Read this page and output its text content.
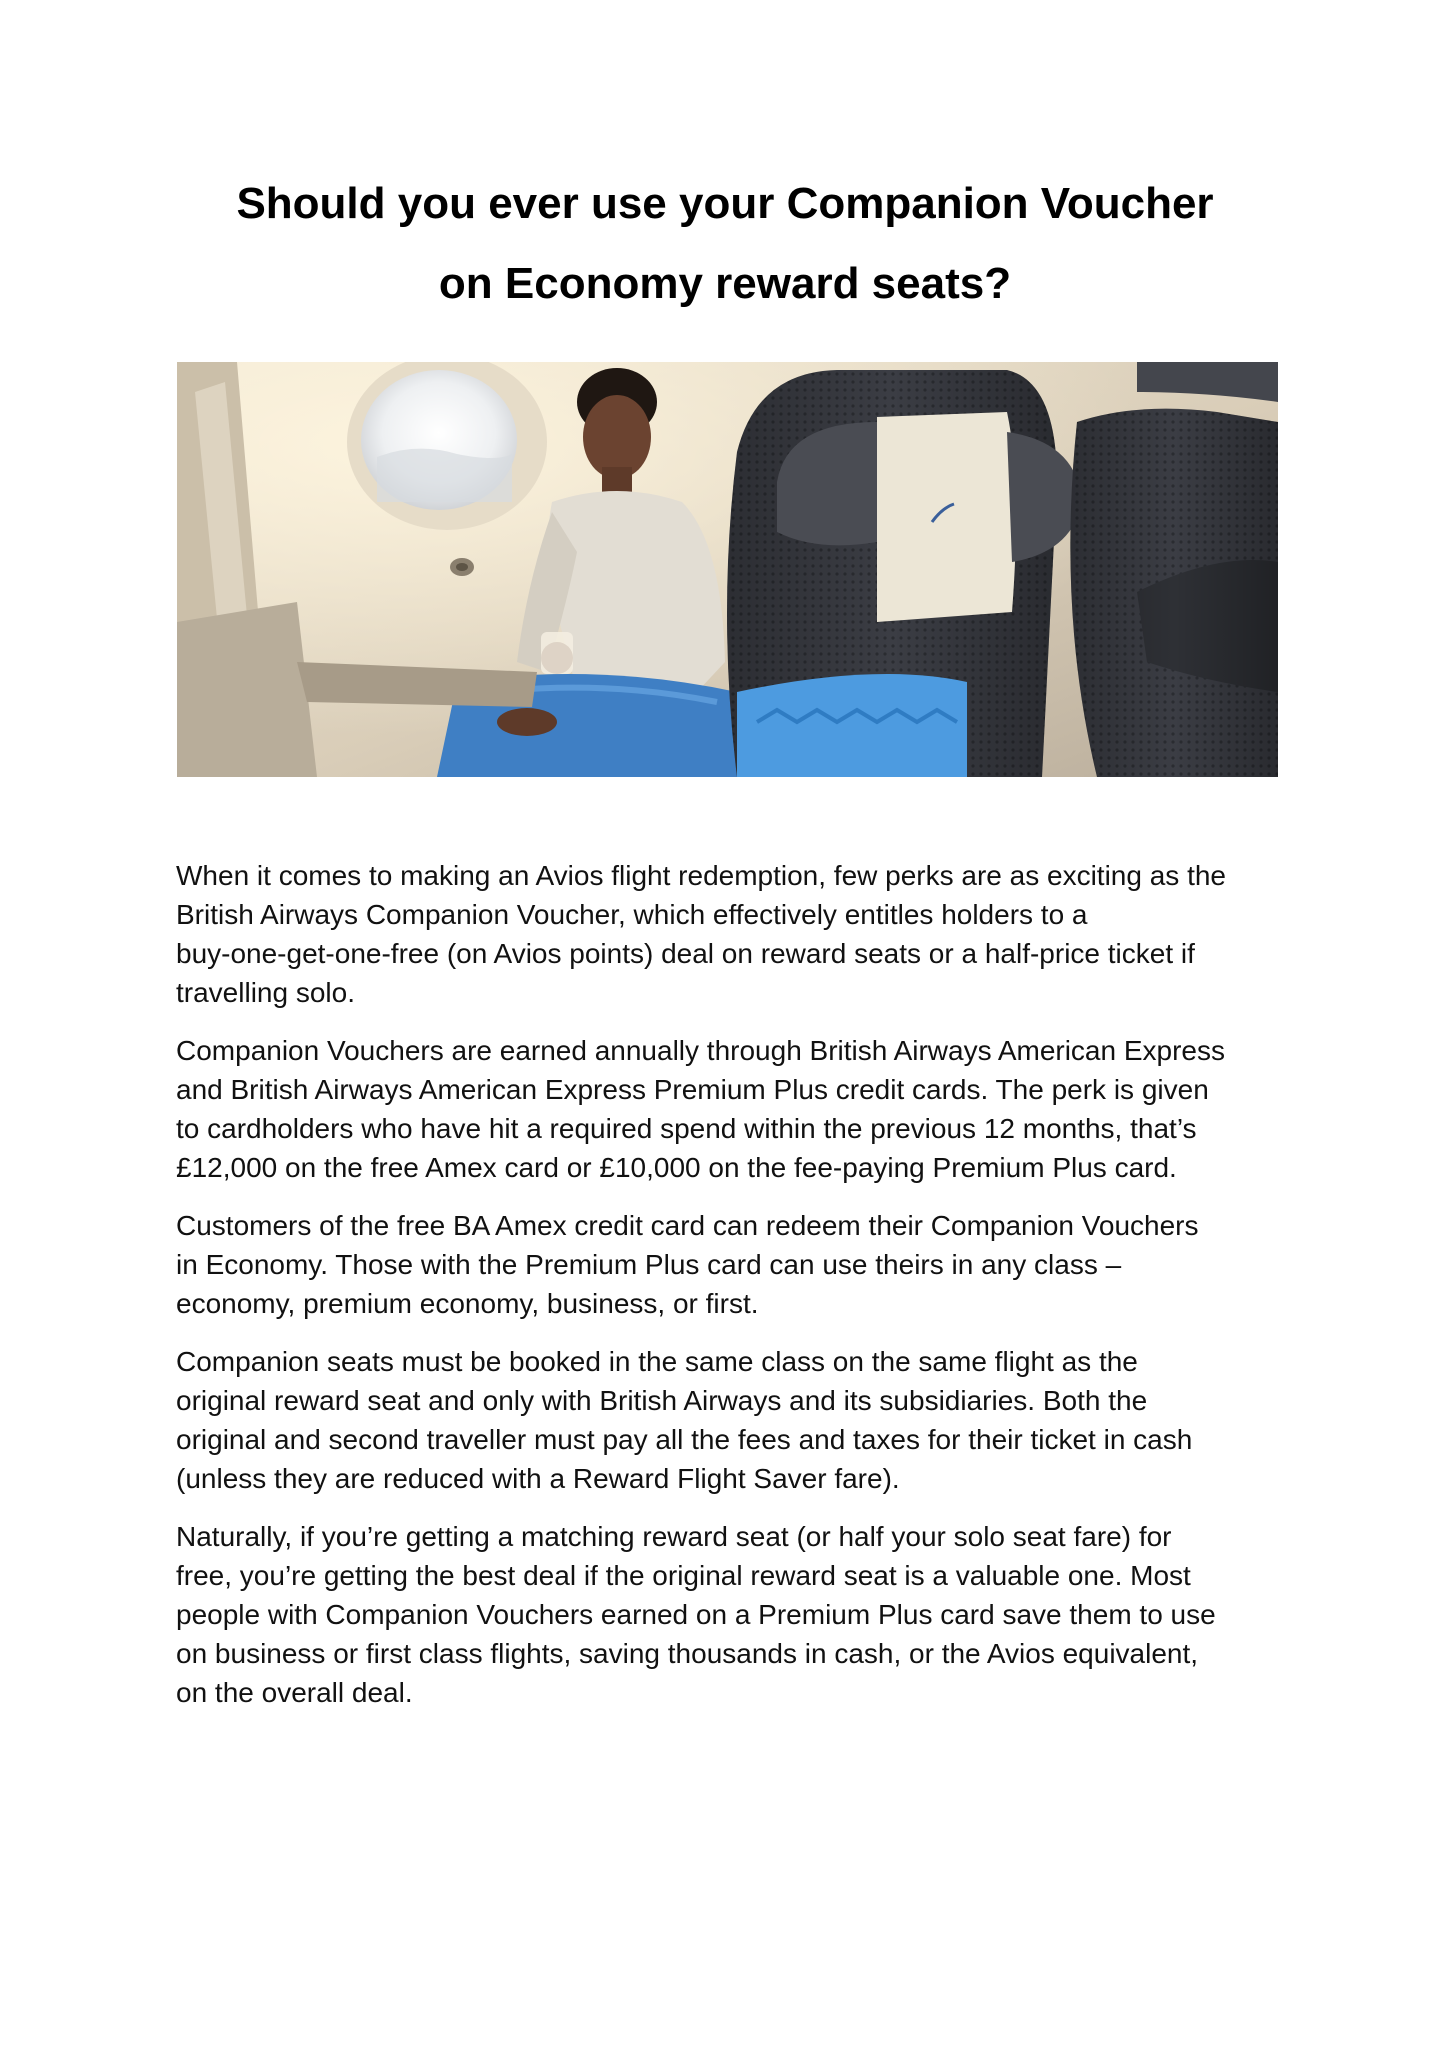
Should you ever use your Companion Voucher
on Economy reward seats?

When it comes to making an Avios flight redemption, few perks are as exciting as the
British Airways Companion Voucher, which effectively entitles holders to a
buy-one-get-one-free (on Avios points) deal on reward seats or a half-price ticket if
travelling solo.

Companion Vouchers are earned annually through British Airways American Express
and British Airways American Express Premium Plus credit cards. The perk is given
to cardholders who have hit a required spend within the previous 12 months, that’s
£12,000 on the free Amex card or £10,000 on the fee-paying Premium Plus card.

Customers of the free BA Amex credit card can redeem their Companion Vouchers
in Economy. Those with the Premium Plus card can use theirs in any class –
economy, premium economy, business, or first.

Companion seats must be booked in the same class on the same flight as the
original reward seat and only with British Airways and its subsidiaries. Both the
original and second traveller must pay all the fees and taxes for their ticket in cash
(unless they are reduced with a Reward Flight Saver fare).

Naturally, if you’re getting a matching reward seat (or half your solo seat fare) for
free, you’re getting the best deal if the original reward seat is a valuable one. Most
people with Companion Vouchers earned on a Premium Plus card save them to use
on business or first class flights, saving thousands in cash, or the Avios equivalent,
on the overall deal.
